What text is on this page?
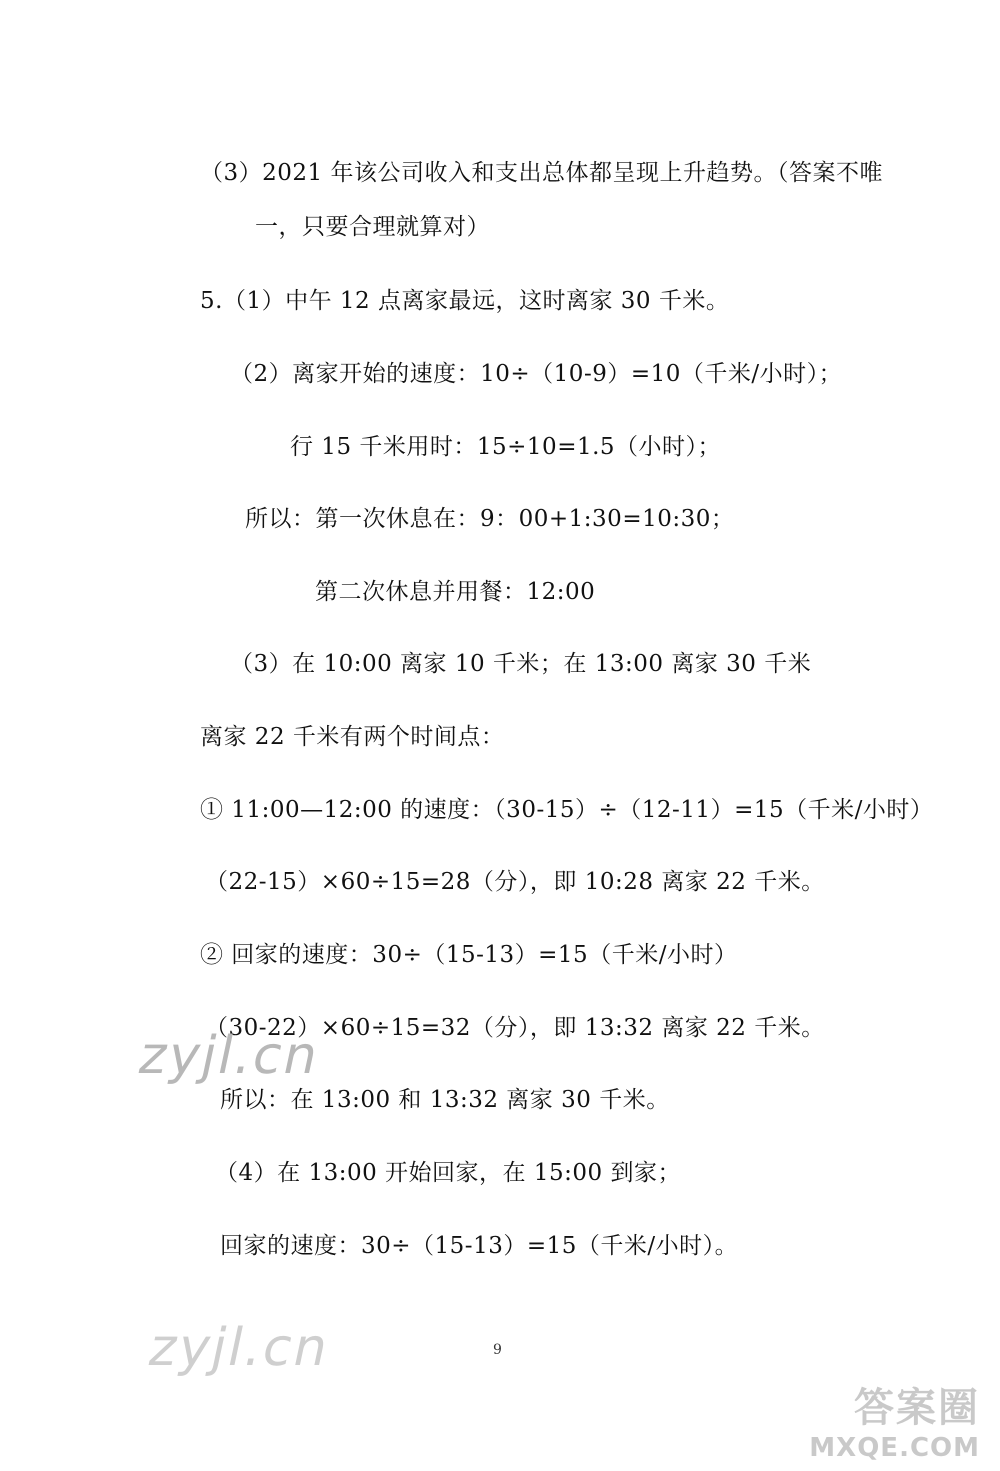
（3）2021 年该公司收入和支出总体都呈现上升趋势。（答案不唯
一，只要合理就算对）
5.（1）中午 12 点离家最远，这时离家 30 千米。
（2）离家开始的速度：10÷（10-9）=10（千米/小时）；
行 15 千米用时：15÷10=1.5（小时）；
所以：第一次休息在：9：00+1:30=10:30；
第二次休息并用餐：12:00
（3）在 10:00 离家 10 千米；在 13:00 离家 30 千米
离家 22 千米有两个时间点：
① 11:00—12:00 的速度：（30-15）÷（12-11）=15（千米/小时）
（22-15）×60÷15=28（分），即 10:28 离家 22 千米。
② 回家的速度：30÷（15-13）=15（千米/小时）
（30-22）×60÷15=32（分），即 13:32 离家 22 千米。
所以：在 13:00 和 13:32 离家 30 千米。
（4）在 13:00 开始回家，在 15:00 到家；
回家的速度：30÷（15-13）=15（千米/小时）。
zyjl.cn
zyjl.cn	9
答案圈
MXQE.COM
